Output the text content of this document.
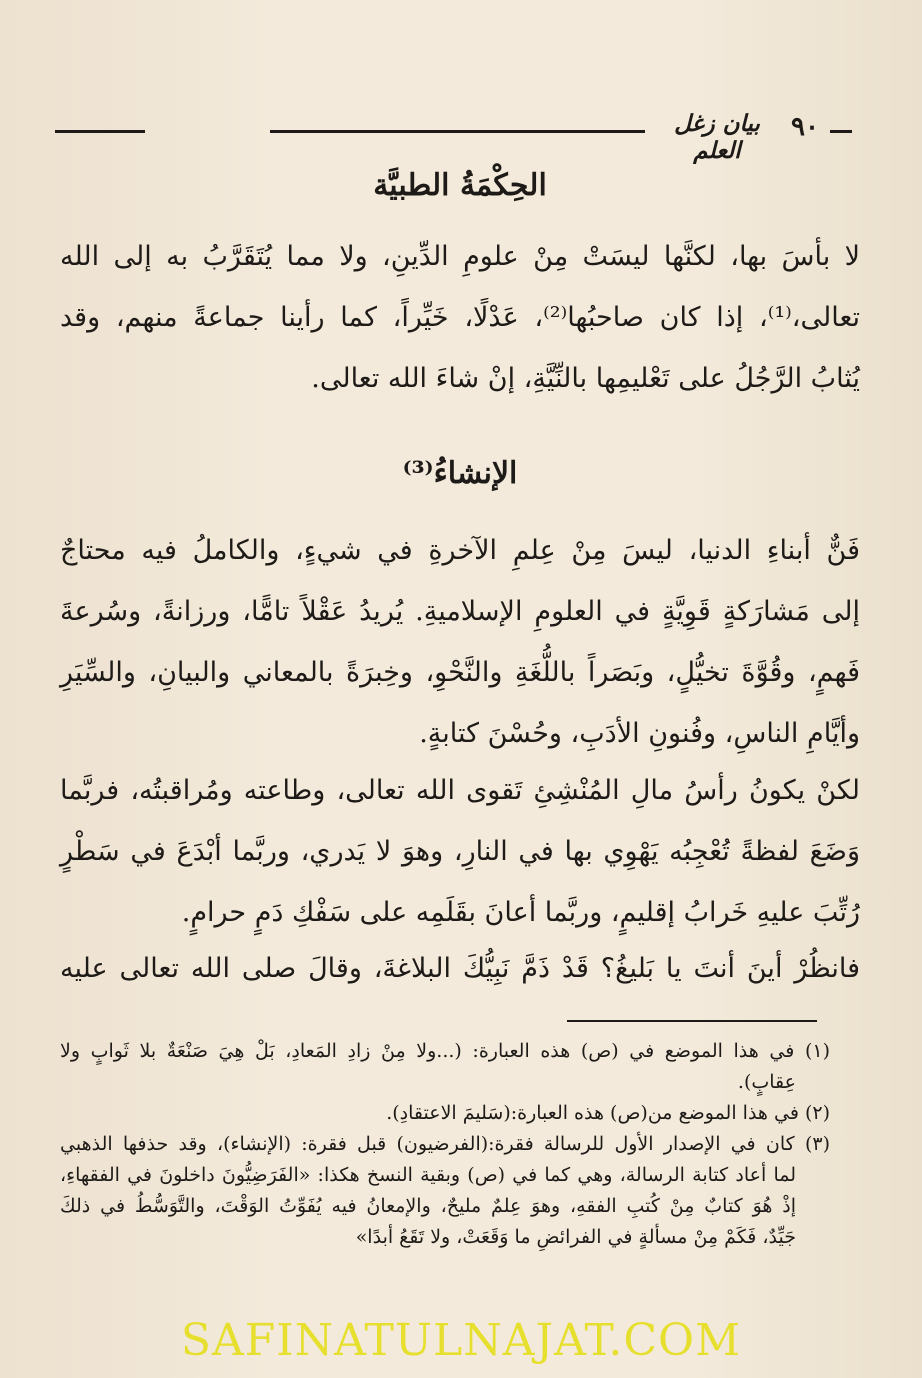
٩٠
بيان زغل العلم
الحِكْمَةُ الطبيَّة
لا بأسَ بها، لكنَّها ليسَتْ مِنْ علومِ الدِّينِ، ولا مما يُتَقَرَّبُ به إلى الله
تعالى،⁽¹⁾، إذا كان صاحبُها⁽²⁾، عَدْلًا، خَيِّراً، كما رأينا جماعةً منهم، وقد
يُثابُ الرَّجُلُ على تَعْليمِها بالنِّيَّةِ، إنْ شاءَ الله تعالى.
الإنشاءُ⁽³⁾
فَنٌّ أبناءِ الدنيا، ليسَ مِنْ عِلمِ الآخرةِ في شيءٍ، والكاملُ فيه محتاجٌ
إلى مَشارَكةٍ قَوِيَّةٍ في العلومِ الإسلاميةِ. يُريدُ عَقْلاً تامًّا، ورزانةً، وسُرعةَ
فَهمٍ، وقُوَّةَ تخيُّلٍ، وبَصَراً باللُّغَةِ والنَّحْوِ، وخِبرَةً بالمعاني والبيانِ، والسِّيَرِ
وأيَّامِ الناسِ، وفُنونِ الأدَبِ، وحُسْنَ كتابةٍ.
لكنْ يكونُ رأسُ مالِ المُنْشِئِ تَقوى الله تعالى، وطاعته ومُراقبتُه، فربَّما
وَضَعَ لفظةً تُعْجِبُه يَهْوِي بها في النارِ، وهوَ لا يَدري، وربَّما أبْدَعَ في سَطْرٍ
رُتِّبَ عليهِ خَرابُ إقليمٍ، وربَّما أعانَ بقَلَمِه على سَفْكِ دَمٍ حرامٍ.
فانظُرْ أينَ أنتَ يا بَليغُ؟ قَدْ ذَمَّ نَبِيُّكَ البلاغةَ، وقالَ صلى الله تعالى عليه
(١) في هذا الموضع في (ص) هذه العبارة: (...ولا مِنْ زادِ المَعادِ، بَلْ هِيَ صَنْعَةٌ بلا ثَوابٍ ولا
عِقابٍ).
(٢) في هذا الموضع من(ص) هذه العبارة:(سَليمَ الاعتقادِ).
(٣) كان في الإصدار الأول للرسالة فقرة:(الفرضيون) قبل فقرة: (الإنشاء)، وقد حذفها الذهبي
لما أعاد كتابة الرسالة، وهي كما في (ص) وبقية النسخ هكذا: «الفَرَضِيُّونَ داخلونَ في الفقهاءِ،
إذْ هُوَ كتابٌ مِنْ كُتبِ الفقهِ، وهوَ عِلمٌ مليحٌ، والإمعانُ فيه يُفَوِّتُ الوَقْتَ، والتَّوَسُّطُ في ذلكَ
جَيِّدٌ، فَكَمْ مِنْ مسألةٍ في الفرائضِ ما وَقَعَتْ، ولا تَقَعُ أبدًا»
SAFINATULNAJAT.COM
